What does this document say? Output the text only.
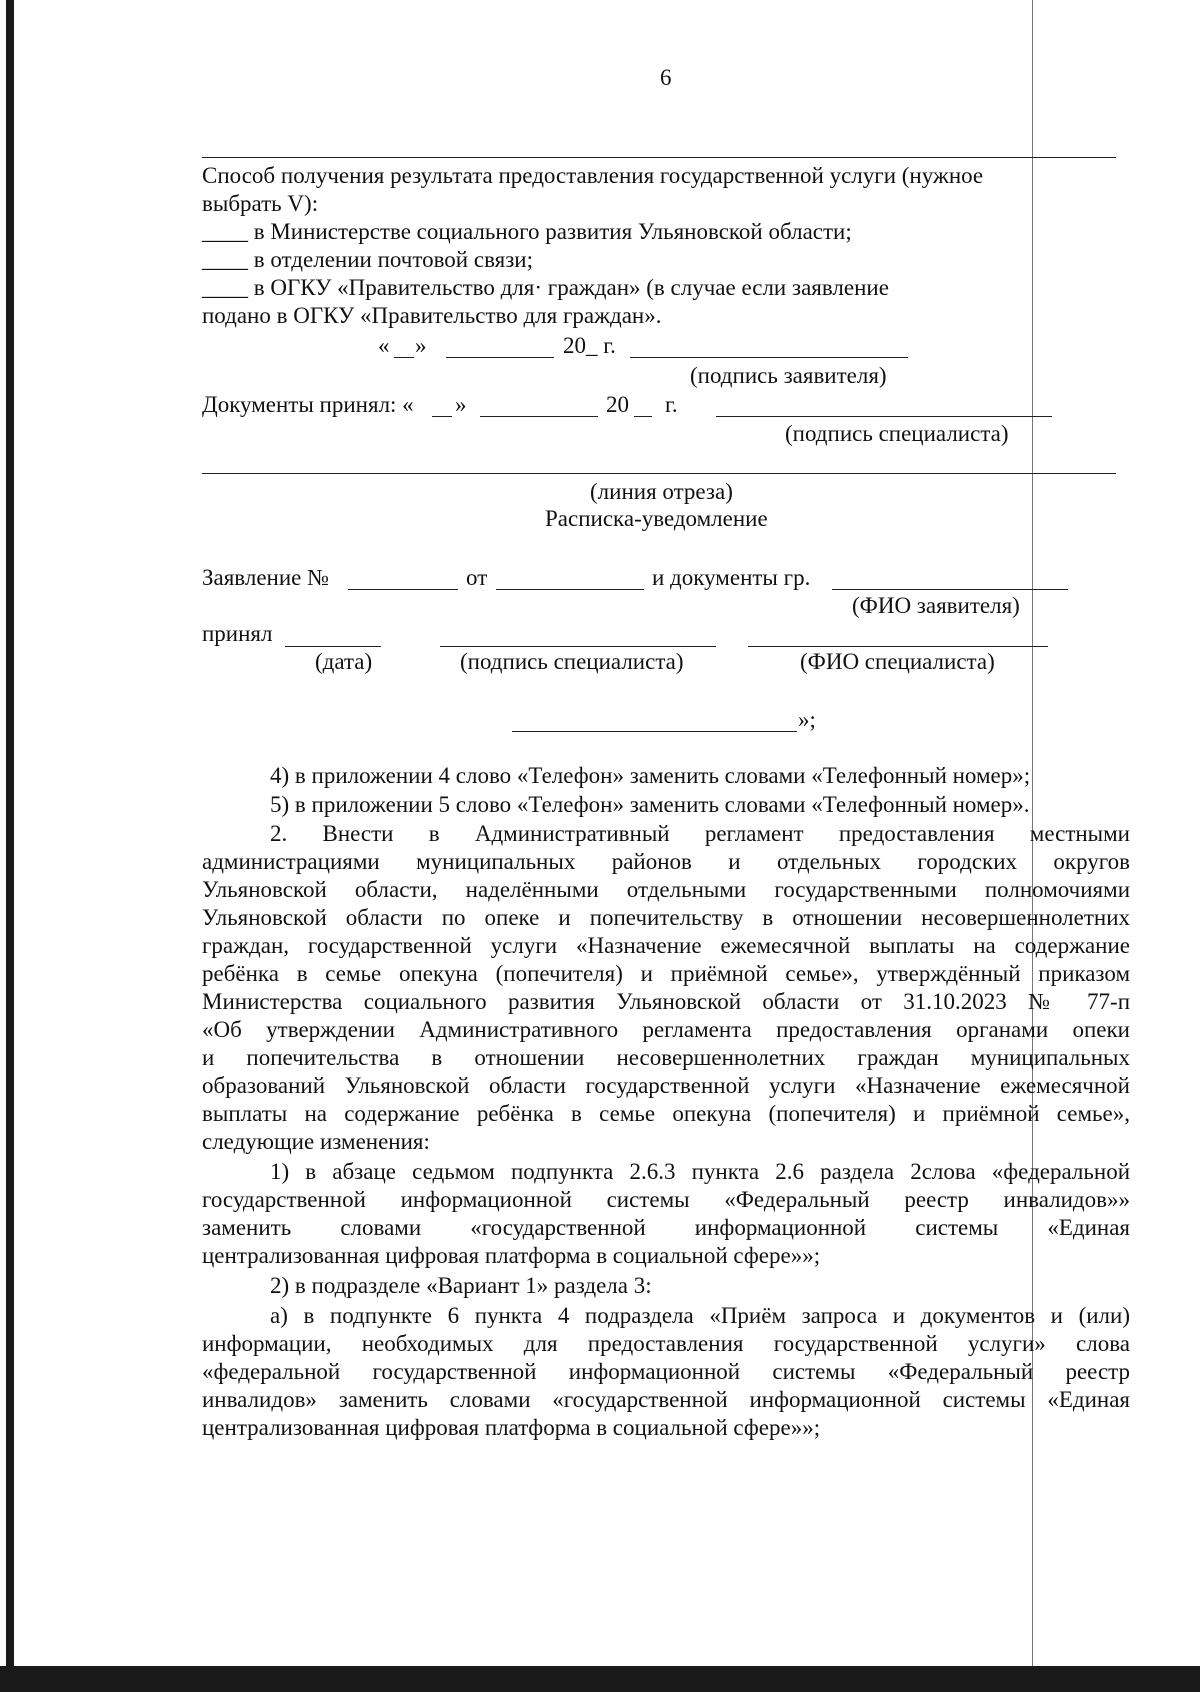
6
Способ получения результата предоставления государственной услуги (нужное
выбрать V):
____ в Министерстве социального развития Ульяновской области;
____ в отделении почтовой связи;
____ в ОГКУ «Правительство для· граждан» (в случае если заявление
подано в ОГКУ «Правительство для граждан».
« »	20_ г.
(подпись заявителя)
Документы принял: « »	20 г.
(подпись специалиста)
(линия отреза)
Расписка-уведомление
Заявление №	от	и документы гр.
(ФИО заявителя)
принял
(дата)	(подпись специалиста)	(ФИО специалиста)
»;
4) в приложении 4 слово «Телефон» заменить словами «Телефонный номер»;
5) в приложении 5 слово «Телефон» заменить словами «Телефонный номер».
2. Внести в Административный регламент предоставления местными
администрациями муниципальных районов и отдельных городских округов
Ульяновской области, наделёнными отдельными государственными полномочиями
Ульяновской области по опеке и попечительству в отношении несовершеннолетних
граждан, государственной услуги «Назначение ежемесячной выплаты на содержание
ребёнка в семье опекуна (попечителя) и приёмной семье», утверждённый приказом
Министерства социального развития Ульяновской области от 31.10.2023 № 77-п
«Об утверждении Административного регламента предоставления органами опеки
и попечительства в отношении несовершеннолетних граждан муниципальных
образований Ульяновской области государственной услуги «Назначение ежемесячной
выплаты на содержание ребёнка в семье опекуна (попечителя) и приёмной семье»,
следующие изменения:
1) в абзаце седьмом подпункта 2.6.3 пункта 2.6 раздела 2слова «федеральной
государственной информационной системы «Федеральный реестр инвалидов»»
заменить словами «государственной информационной системы «Единая
централизованная цифровая платформа в социальной сфере»»;
2) в подразделе «Вариант 1» раздела 3:
а) в подпункте 6 пункта 4 подраздела «Приём запроса и документов и (или)
информации, необходимых для предоставления государственной услуги» слова
«федеральной государственной информационной системы «Федеральный реестр
инвалидов» заменить словами «государственной информационной системы «Единая
централизованная цифровая платформа в социальной сфере»»;
